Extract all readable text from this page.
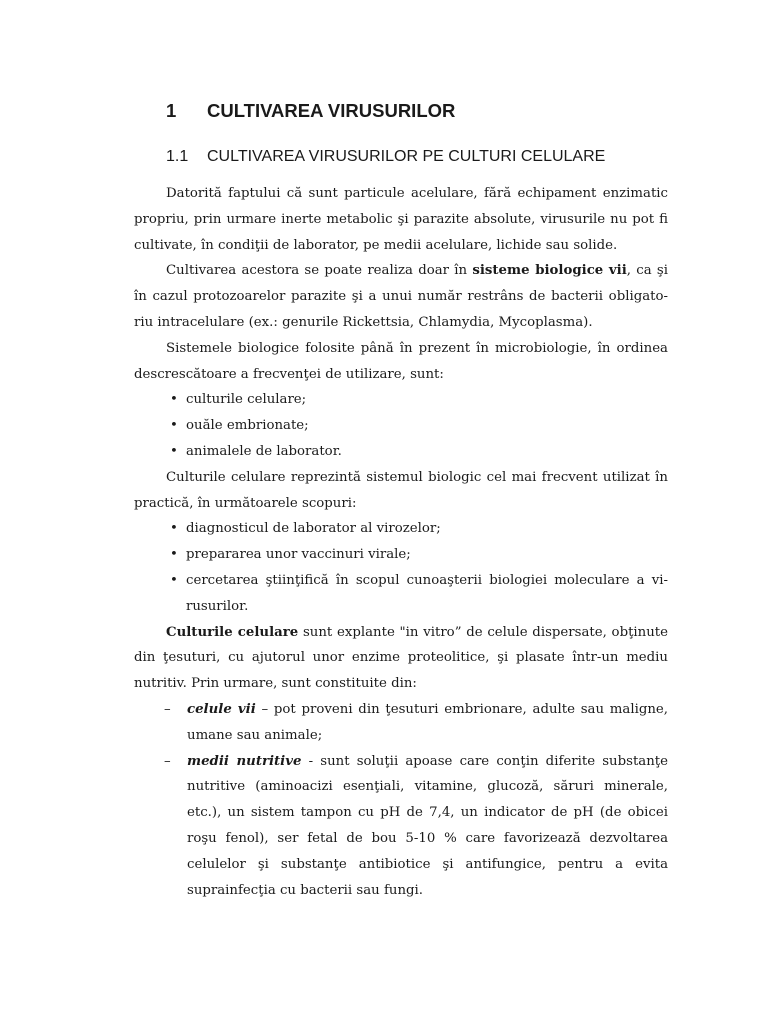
1 CULTIVAREA VIRUSURILOR
1.1 CULTIVAREA VIRUSURILOR PE CULTURI CELULARE

Datorită faptului că sunt particule acelulare, fără echipament enzimatic propriu, prin urmare inerte metabolic şi parazite absolute, virusurile nu pot fi cultivate, în condiţii de laborator, pe medii acelulare, lichide sau solide.

Cultivarea acestora se poate realiza doar în sisteme biologice vii, ca şi în cazul protozoarelor parazite şi a unui număr restrâns de bacterii obligato-riu intracelulare (ex.: genurile Rickettsia, Chlamydia, Mycoplasma).

Sistemele biologice folosite până în prezent în microbiologie, în ordinea descrescătoare a frecvenţei de utilizare, sunt:

• culturile celulare;
• ouăle embrionate;
• animalele de laborator.

Culturile celulare reprezintă sistemul biologic cel mai frecvent utilizat în practică, în următoarele scopuri:

• diagnosticul de laborator al virozelor;
• prepararea unor vaccinuri virale;
• cercetarea ştiinţifică în scopul cunoaşterii biologiei moleculare a vi-rusurilor.

Culturile celulare sunt explante "in vitro” de celule dispersate, obţinute din ţesuturi, cu ajutorul unor enzime proteolitice, şi plasate într-un mediu nutritiv. Prin urmare, sunt constituite din:

– celule vii – pot proveni din ţesuturi embrionare, adulte sau maligne, umane sau animale;
– medii nutritive - sunt soluţii apoase care conţin diferite substanţe nutritive (aminoacizi esenţiali, vitamine, glucoză, săruri minerale, etc.), un sistem tampon cu pH de 7,4, un indicator de pH (de obicei roşu fenol), ser fetal de bou 5-10 % care favorizează dezvoltarea celulelor şi substanţe antibiotice şi antifungice, pentru a evita suprainfecţia cu bacterii sau fungi.
